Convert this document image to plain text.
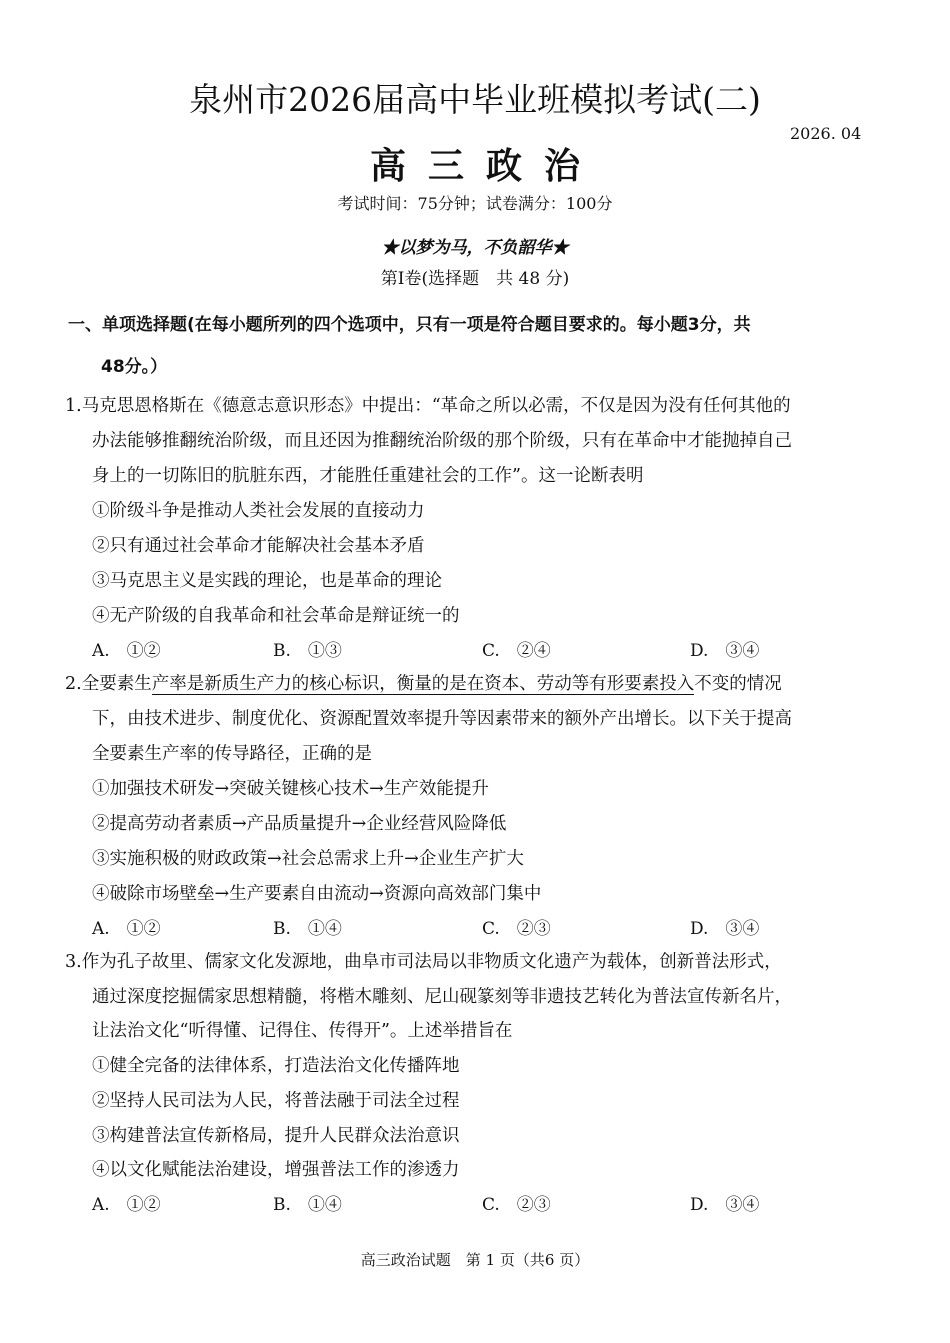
泉州市2026届高中毕业班模拟考试(二)
2026. 04
高三政治
考试时间：75分钟；试卷满分：100分
★以梦为马，不负韶华★
第Ⅰ卷(选择题　共 48 分)
一、单项选择题(在每小题所列的四个选项中，只有一项是符合题目要求的。每小题3分，共
48分。）
1.马克思恩格斯在《德意志意识形态》中提出：“革命之所以必需，不仅是因为没有任何其他的
办法能够推翻统治阶级，而且还因为推翻统治阶级的那个阶级，只有在革命中才能抛掉自己
身上的一切陈旧的肮脏东西，才能胜任重建社会的工作”。这一论断表明
①阶级斗争是推动人类社会发展的直接动力
②只有通过社会革命才能解决社会基本矛盾
③马克思主义是实践的理论，也是革命的理论
④无产阶级的自我革命和社会革命是辩证统一的
A.　①②	B.　①③	C.　②④	D.　③④
2.全要素生产率是新质生产力的核心标识，衡量的是在资本、劳动等有形要素投入不变的情况
下，由技术进步、制度优化、资源配置效率提升等因素带来的额外产出增长。以下关于提高
全要素生产率的传导路径，正确的是
①加强技术研发→突破关键核心技术→生产效能提升
②提高劳动者素质→产品质量提升→企业经营风险降低
③实施积极的财政政策→社会总需求上升→企业生产扩大
④破除市场壁垒→生产要素自由流动→资源向高效部门集中
A.　①②	B.　①④	C.　②③	D.　③④
3.作为孔子故里、儒家文化发源地，曲阜市司法局以非物质文化遗产为载体，创新普法形式，
通过深度挖掘儒家思想精髓，将楷木雕刻、尼山砚篆刻等非遗技艺转化为普法宣传新名片，
让法治文化“听得懂、记得住、传得开”。上述举措旨在
①健全完备的法律体系，打造法治文化传播阵地
②坚持人民司法为人民，将普法融于司法全过程
③构建普法宣传新格局，提升人民群众法治意识
④以文化赋能法治建设，增强普法工作的渗透力
A.　①②	B.　①④	C.　②③	D.　③④
高三政治试题　第 1 页（共6 页）
